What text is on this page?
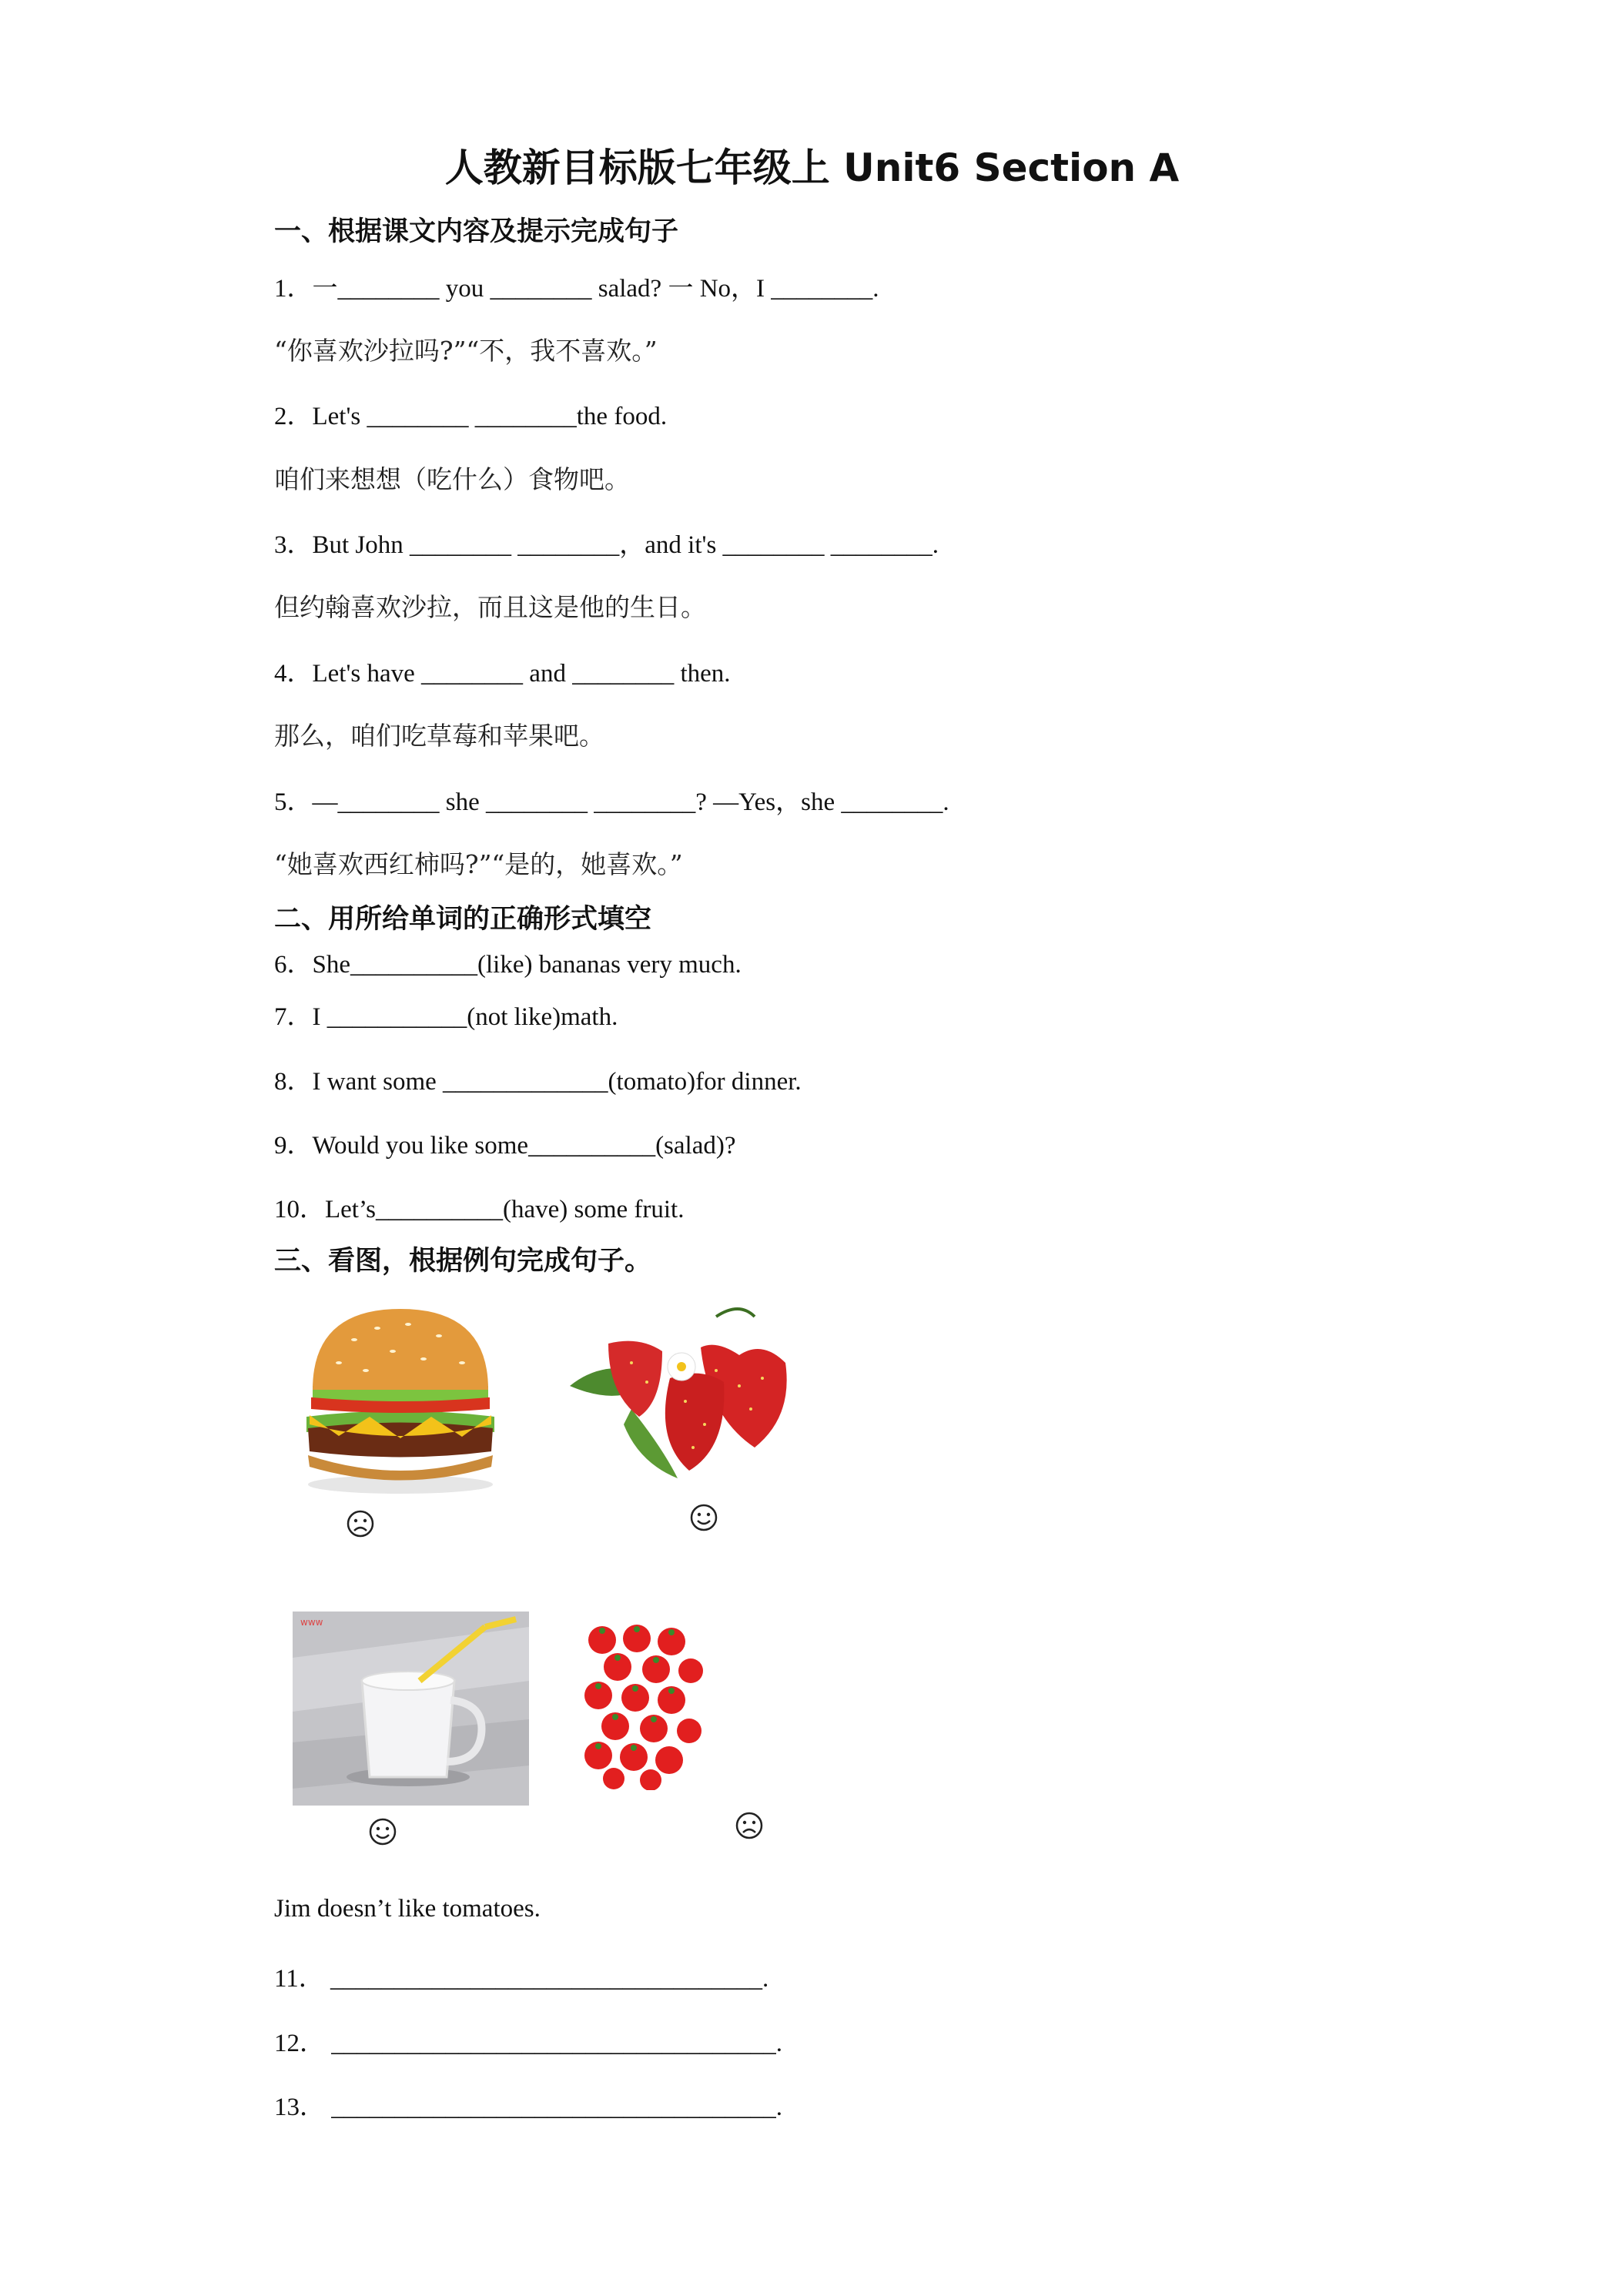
人教新目标版七年级上 Unit6 Section A
一、根据课文内容及提示完成句子
1．一________ you ________ salad? 一 No，I ________.
“你喜欢沙拉吗?”“不，我不喜欢。”
2．Let's ________ ________the food.
咱们来想想（吃什么）食物吧。
3．But John ________ ________，and it's ________ ________.
但约翰喜欢沙拉，而且这是他的生日。
4．Let's have ________ and ________ then.
那么，咱们吃草莓和苹果吧。
5．—________ she ________ ________? —Yes，she ________.
“她喜欢西红柿吗?”“是的，她喜欢。”
二、用所给单词的正确形式填空
6．She__________(like) bananas very much.
7．I ___________(not like)math.
8．I want some _____________(tomato)for dinner.
9．Would you like some__________(salad)?
10．Let’s__________(have) some fruit.
三、看图，根据例句完成句子。
www
Jim doesn’t like tomatoes.
11． __________________________________.
12． ___________________________________.
13． ___________________________________.
